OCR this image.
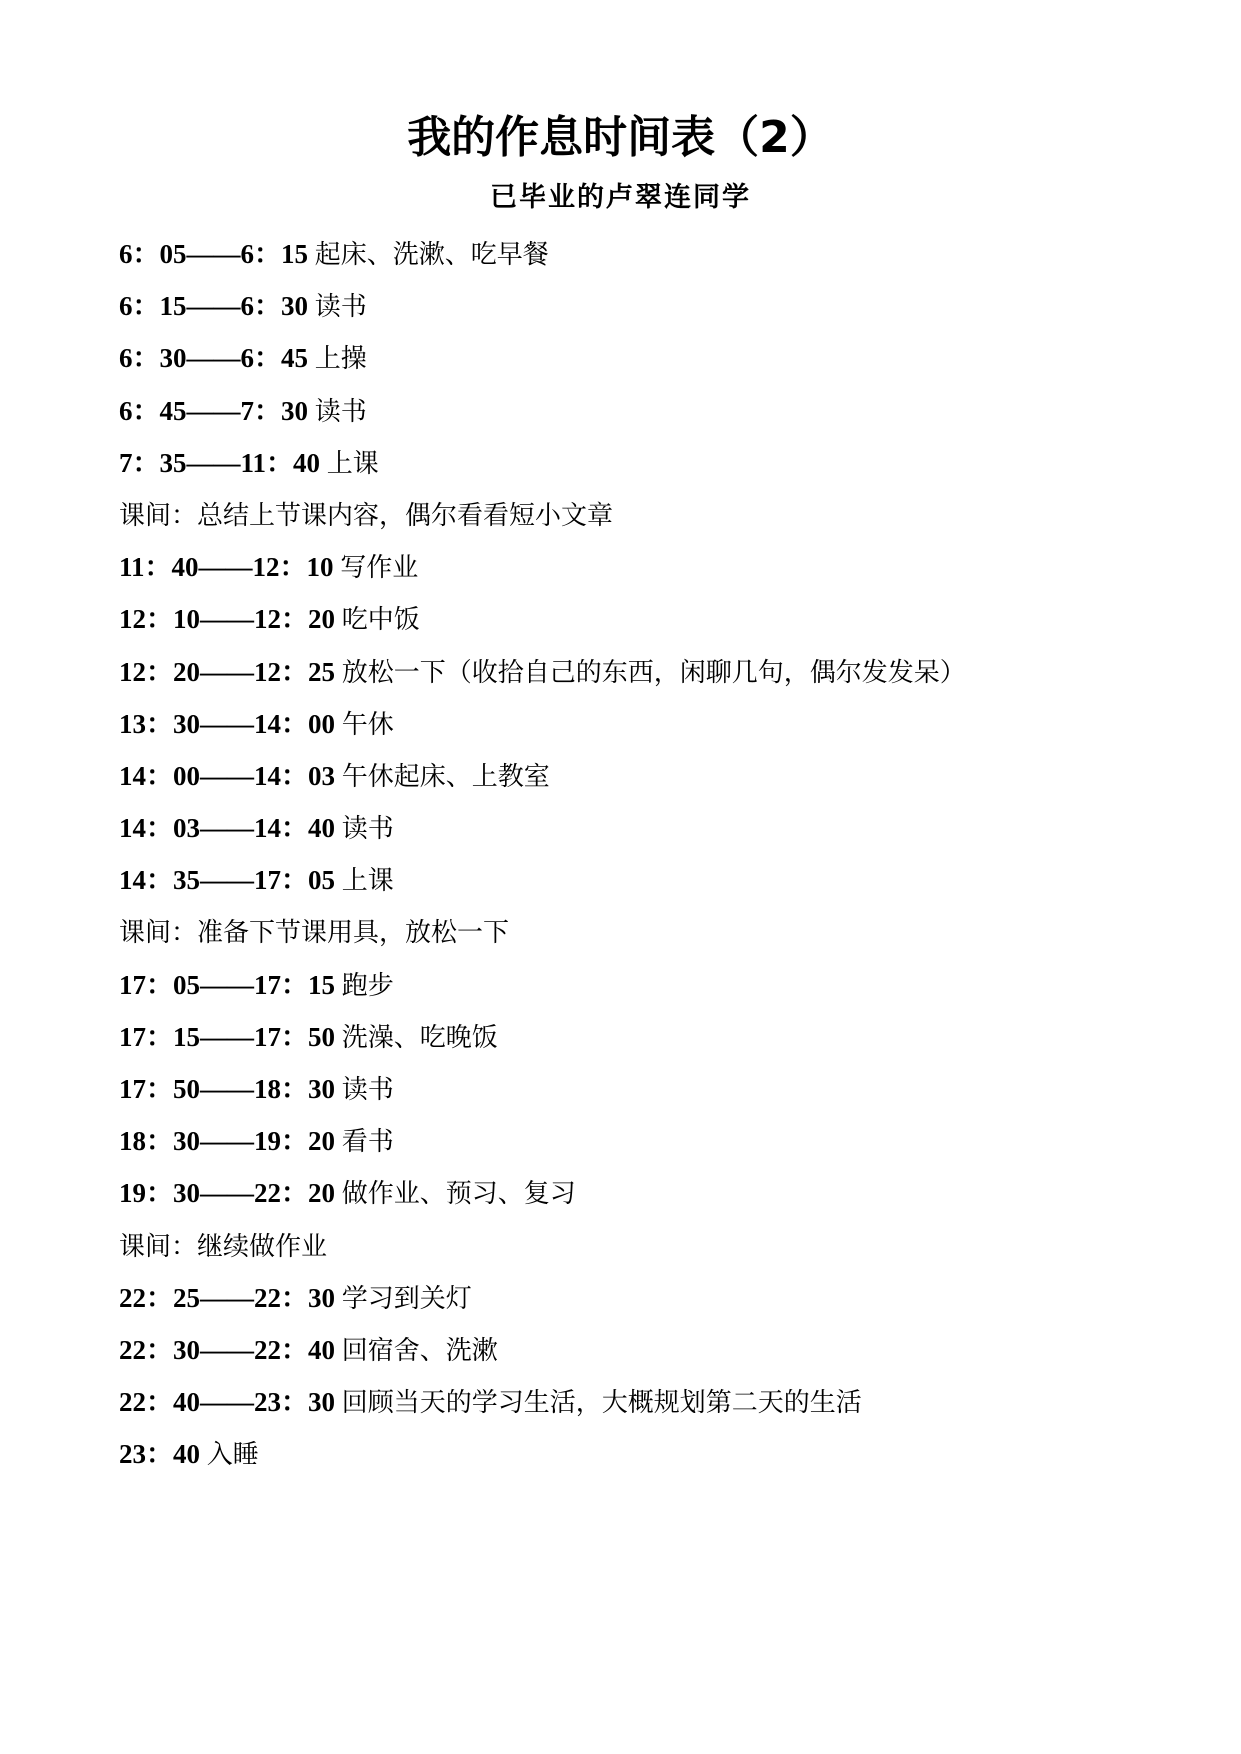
我的作息时间表（2）
已毕业的卢翠连同学
6：05——6：15 起床、洗漱、吃早餐
6：15——6：30 读书
6：30——6：45 上操
6：45——7：30 读书
7：35——11：40 上课
课间：总结上节课内容，偶尔看看短小文章
11：40——12：10 写作业
12：10——12：20 吃中饭
12：20——12：25 放松一下（收拾自己的东西，闲聊几句，偶尔发发呆）
13：30——14：00 午休
14：00——14：03 午休起床、上教室
14：03——14：40 读书
14：35——17：05 上课
课间：准备下节课用具，放松一下
17：05——17：15 跑步
17：15——17：50 洗澡、吃晚饭
17：50——18：30 读书
18：30——19：20 看书
19：30——22：20 做作业、预习、复习
课间：继续做作业
22：25——22：30 学习到关灯
22：30——22：40 回宿舍、洗漱
22：40——23：30 回顾当天的学习生活，大概规划第二天的生活
23：40 入睡
